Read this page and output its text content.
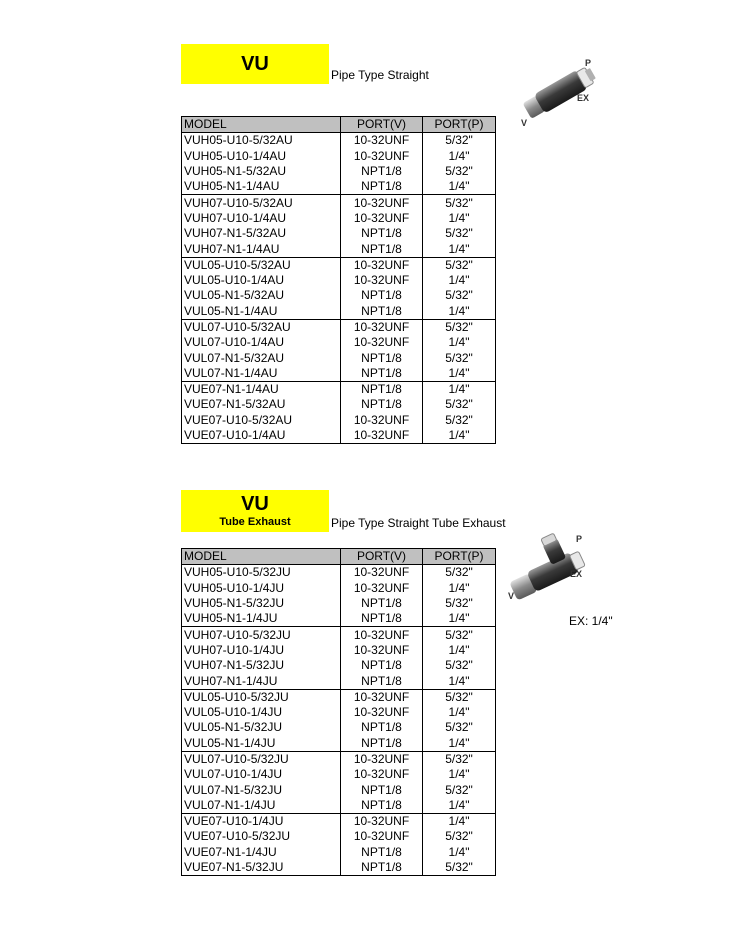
VU	Pipe Type Straight
P
EX
V
MODEL	PORT(V)	PORT(P)
VUH05-U10-5/32AU	10-32UNF	5/32"
VUH05-U10-1/4AU	10-32UNF	1/4"
VUH05-N1-5/32AU	NPT1/8	5/32"
VUH05-N1-1/4AU	NPT1/8	1/4"
VUH07-U10-5/32AU	10-32UNF	5/32"
VUH07-U10-1/4AU	10-32UNF	1/4"
VUH07-N1-5/32AU	NPT1/8	5/32"
VUH07-N1-1/4AU	NPT1/8	1/4"
VUL05-U10-5/32AU	10-32UNF	5/32"
VUL05-U10-1/4AU	10-32UNF	1/4"
VUL05-N1-5/32AU	NPT1/8	5/32"
VUL05-N1-1/4AU	NPT1/8	1/4"
VUL07-U10-5/32AU	10-32UNF	5/32"
VUL07-U10-1/4AU	10-32UNF	1/4"
VUL07-N1-5/32AU	NPT1/8	5/32"
VUL07-N1-1/4AU	NPT1/8	1/4"
VUE07-N1-1/4AU	NPT1/8	1/4"
VUE07-N1-5/32AU	NPT1/8	5/32"
VUE07-U10-5/32AU	10-32UNF	5/32"
VUE07-U10-1/4AU	10-32UNF	1/4"
VU
Tube Exhaust	Pipe Type Straight Tube Exhaust
P
EX
V
EX: 1/4"
MODEL	PORT(V)	PORT(P)
VUH05-U10-5/32JU	10-32UNF	5/32"
VUH05-U10-1/4JU	10-32UNF	1/4"
VUH05-N1-5/32JU	NPT1/8	5/32"
VUH05-N1-1/4JU	NPT1/8	1/4"
VUH07-U10-5/32JU	10-32UNF	5/32"
VUH07-U10-1/4JU	10-32UNF	1/4"
VUH07-N1-5/32JU	NPT1/8	5/32"
VUH07-N1-1/4JU	NPT1/8	1/4"
VUL05-U10-5/32JU	10-32UNF	5/32"
VUL05-U10-1/4JU	10-32UNF	1/4"
VUL05-N1-5/32JU	NPT1/8	5/32"
VUL05-N1-1/4JU	NPT1/8	1/4"
VUL07-U10-5/32JU	10-32UNF	5/32"
VUL07-U10-1/4JU	10-32UNF	1/4"
VUL07-N1-5/32JU	NPT1/8	5/32"
VUL07-N1-1/4JU	NPT1/8	1/4"
VUE07-U10-1/4JU	10-32UNF	1/4"
VUE07-U10-5/32JU	10-32UNF	5/32"
VUE07-N1-1/4JU	NPT1/8	1/4"
VUE07-N1-5/32JU	NPT1/8	5/32"
